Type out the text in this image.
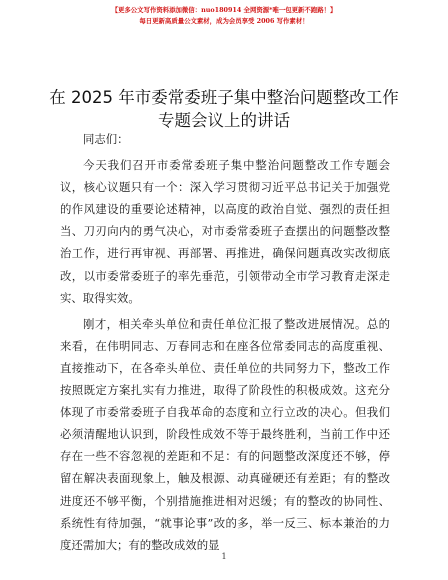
【更多公文写作资料添加微信：nuo180914 全网资源*唯一包更新不跑路！】
每日更新高质量公文素材，成为会员享受 2006 写作素材！
在 2025 年市委常委班子集中整治问题整改工作
专题会议上的讲话

同志们：

今天我们召开市委常委班子集中整治问题整改工作专题会议，核心议题只有一个：深入学习贯彻习近平总书记关于加强党的作风建设的重要论述精神，以高度的政治自觉、强烈的责任担当、刀刃向内的勇气决心，对市委常委班子查摆出的问题整改整治工作，进行再审视、再部署、再推进，确保问题真改实改彻底改，以市委常委班子的率先垂范，引领带动全市学习教育走深走实、取得实效。

刚才，相关牵头单位和责任单位汇报了整改进展情况。总的来看，在伟明同志、万春同志和在座各位常委同志的高度重视、直接推动下，在各牵头单位、责任单位的共同努力下，整改工作按照既定方案扎实有力推进，取得了阶段性的积极成效。这充分体现了市委常委班子自我革命的态度和立行立改的决心。但我们必须清醒地认识到，阶段性成效不等于最终胜利，当前工作中还存在一些不容忽视的差距和不足：有的问题整改深度还不够，停留在解决表面现象上，触及根源、动真碰硬还有差距；有的整改进度还不够平衡，个别措施推进相对迟缓；有的整改的协同性、系统性有待加强，“就事论事”改的多，举一反三、标本兼治的力度还需加大；有的整改成效的显

1
